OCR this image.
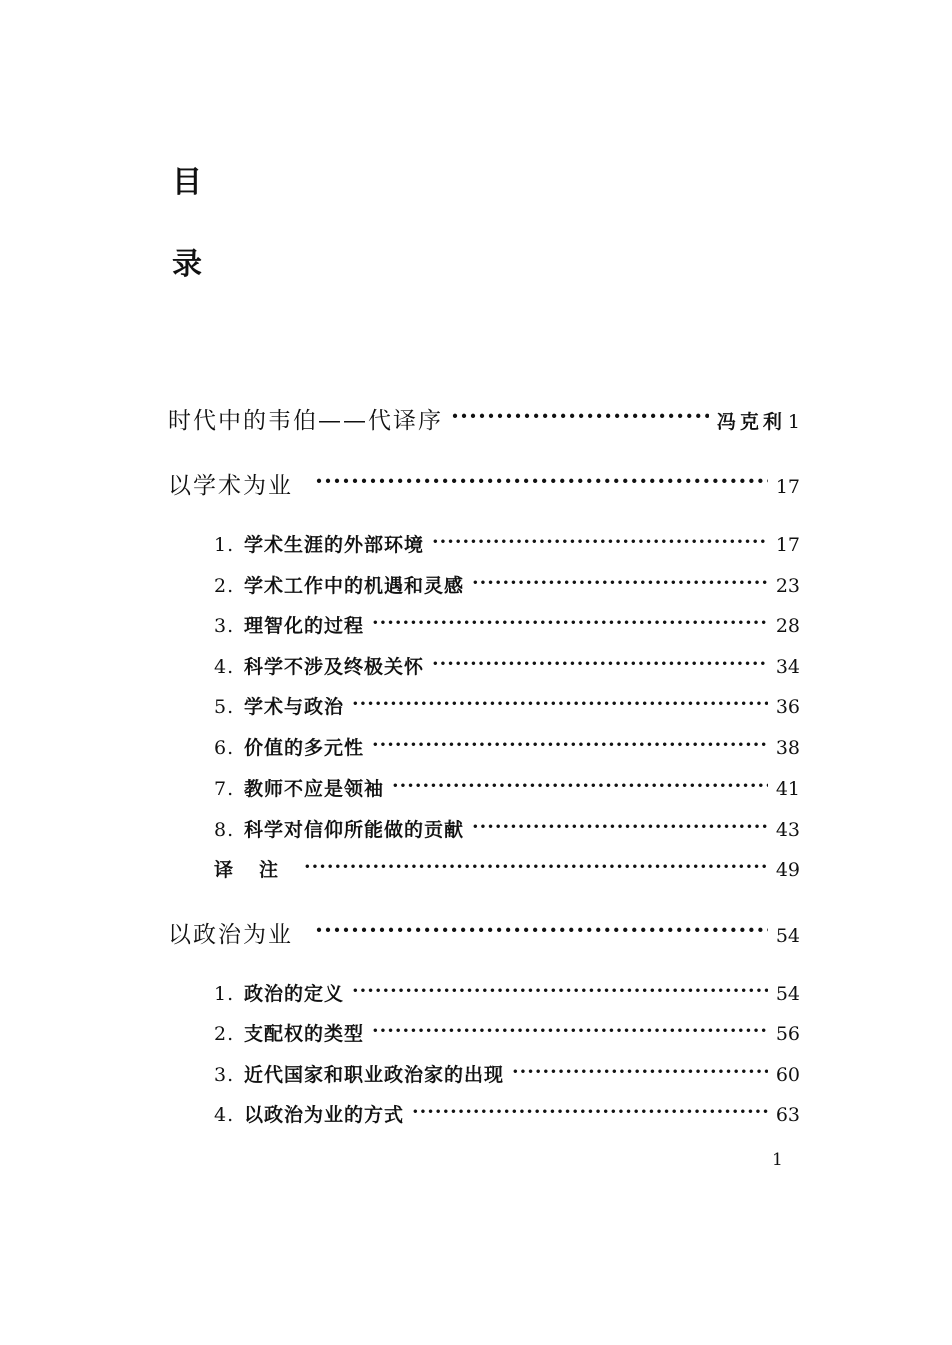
目
录
时代中的韦伯——代译序 ·····	冯克利 1
以学术为业 ·····	17
1. 学术生涯的外部环境 ·····	17
2. 学术工作中的机遇和灵感 ·····	23
3. 理智化的过程 ·····	28
4. 科学不涉及终极关怀 ·····	34
5. 学术与政治 ·····	36
6. 价值的多元性 ·····	38
7. 教师不应是领袖 ·····	41
8. 科学对信仰所能做的贡献 ·····	43
译注 ·····	49
以政治为业 ·····	54
1. 政治的定义 ·····	54
2. 支配权的类型 ·····	56
3. 近代国家和职业政治家的出现 ·····	60
4. 以政治为业的方式 ·····	63
1
